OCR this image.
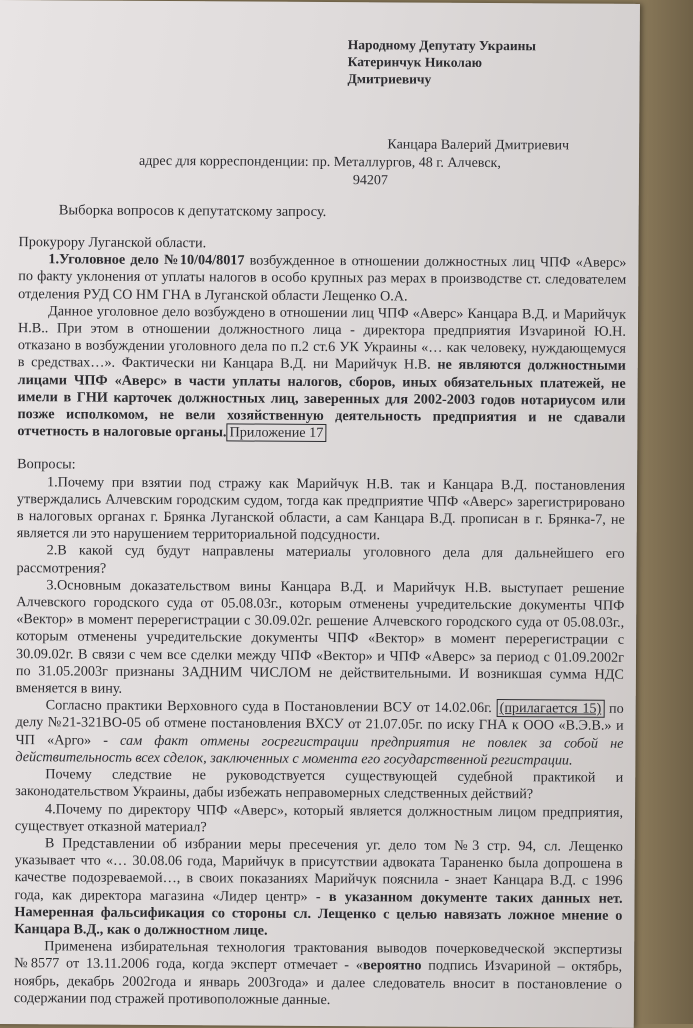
Народному Депутату Украины
Катеринчук Николаю
Дмитриевичу
Канцара Валерий Дмитриевич
адрес для корреспонденции: пр. Металлургов, 48 г. Алчевск,
94207
Выборка вопросов к депутатскому запросу.

Прокурору Луганской области.

1.Уголовное дело №10/04/8017 возбужденное в отношении должностных лиц ЧПФ «Аверс» по факту уклонения от уплаты налогов в особо крупных раз мерах в производстве ст. следователем отделения РУД СО НМ ГНА в Луганской области Лещенко О.А.

Данное уголовное дело возбуждено в отношении лиц ЧПФ «Аверс» Канцара В.Д. и Марийчук Н.В.. При этом в отношении должностного лица - директора предприятия Изvариной Ю.Н. отказано в возбуждении уголовного дела по п.2 ст.6 УК Украины «… как человеку, нуждающемуся в средствах…». Фактически ни Канцара В.Д. ни Марийчук Н.В. не являются должностными лицами ЧПФ «Аверс» в части уплаты налогов, сборов, иных обязательных платежей, не имели в ГНИ карточек должностных лиц, заверенных для 2002-2003 годов нотариусом или позже исполкомом, не вели хозяйственную деятельность предприятия и не сдавали отчетность в налоговые органы. Приложение 17

Вопросы:

1.Почему при взятии под стражу как Марийчук Н.В. так и Канцара В.Д. постановления утверждались Алчевским городским судом, тогда как предприятие ЧПФ «Аверс» зарегистрировано в налоговых органах г. Брянка Луганской области, а сам Канцара В.Д. прописан в г. Брянка-7, не является ли это нарушением территориальной подсудности.

2.В какой суд будут направлены материалы уголовного дела для дальнейшего его рассмотрения?

3.Основным доказательством вины Канцара В.Д. и Марийчук Н.В. выступает решение Алчевского городского суда от 05.08.03г., которым отменены учредительские документы ЧПФ «Вектор» в момент перерегистрации с 30.09.02г. решение Алчевского городского суда от 05.08.03г., которым отменены учредительские документы ЧПФ «Вектор» в момент перерегистрации с 30.09.02г. В связи с чем все сделки между ЧПФ «Вектор» и ЧПФ «Аверс» за период с 01.09.2002г по 31.05.2003г признаны ЗАДНИМ ЧИСЛОМ не действительными. И возникшая сумма НДС вменяется в вину.

Согласно практики Верховного суда в Постановлении ВСУ от 14.02.06г. (прилагается 15) по делу №21-321ВО-05 об отмене постановления ВХСУ от 21.07.05г. по иску ГНА к ООО «В.Э.В.» и ЧП «Арго» - сам факт отмены госрегистрации предприятия не повлек за собой не действительность всех сделок, заключенных с момента его государственной регистрации.

Почему следствие не руководствуется существующей судебной практикой и законодательством Украины, дабы избежать неправомерных следственных действий?

4.Почему по директору ЧПФ «Аверс», который является должностным лицом предприятия, существует отказной материал?

В Представлении об избрании меры пресечения уг. дело том №3 стр. 94, сл. Лещенко указывает что «… 30.08.06 года, Марийчук в присутствии адвоката Тараненко была допрошена в качестве подозреваемой…, в своих показаниях Марийчук пояснила - знает Канцара В.Д. с 1996 года, как директора магазина «Лидер центр» - в указанном документе таких данных нет. Намеренная фальсификация со стороны сл. Лещенко с целью навязать ложное мнение о Канцара В.Д., как о должностном лице.

Применена избирательная технология трактования выводов почерковедческой экспертизы №8577 от 13.11.2006 года, когда эксперт отмечает - «вероятно подпись Изvариной – октябрь, ноябрь, декабрь 2002года и январь 2003года» и далее следователь вносит в постановление о содержании под стражей противоположные данные.
